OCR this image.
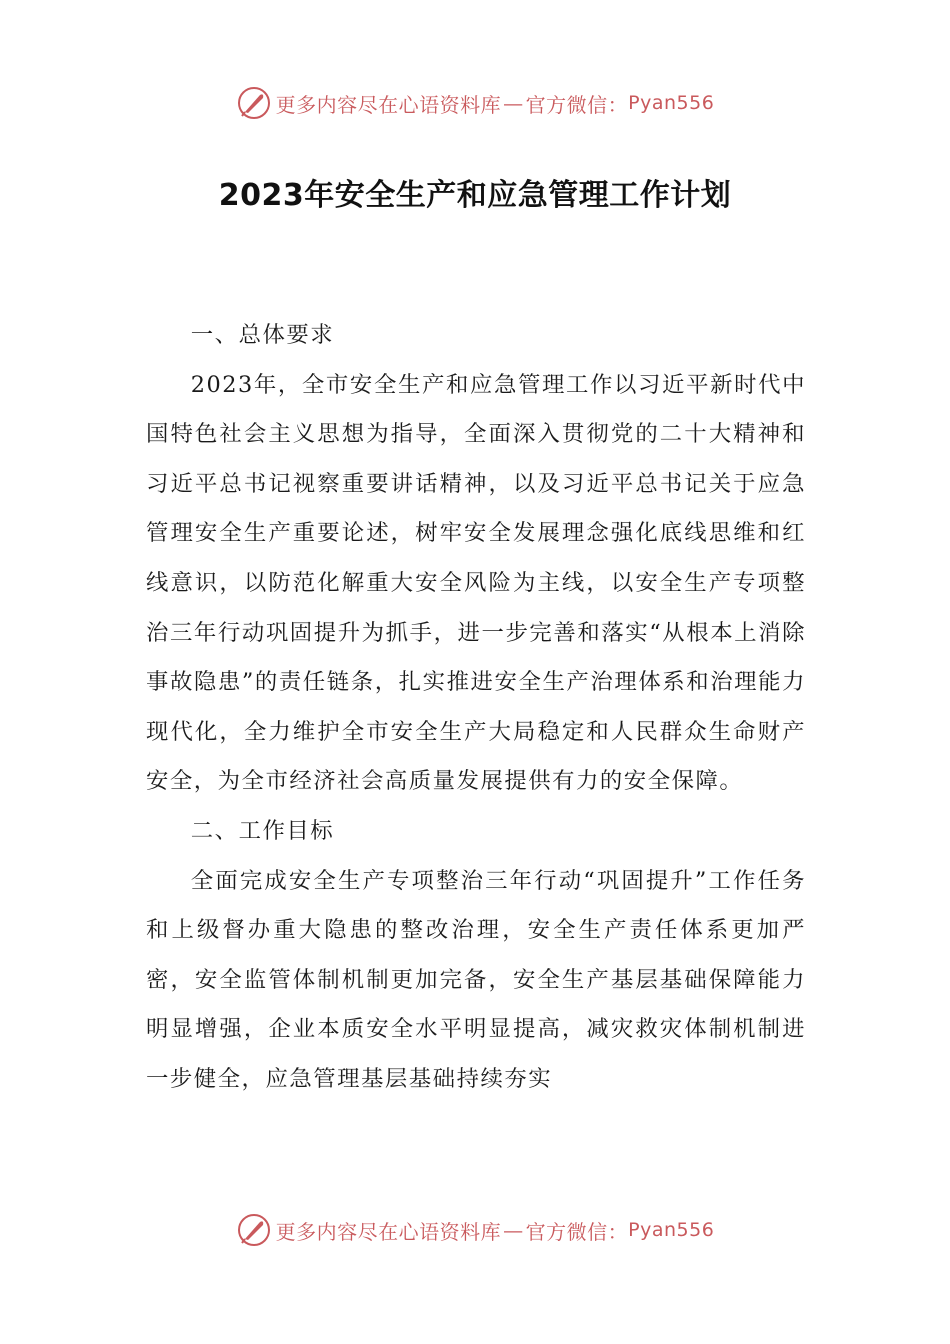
更多内容尽在心语资料库 — 官方微信： Pyan556
2023年安全生产和应急管理工作计划

一、总体要求

2023年，全市安全生产和应急管理工作以习近平新时代中国特色社会主义思想为指导，全面深入贯彻党的二十大精神和习近平总书记视察重要讲话精神，以及习近平总书记关于应急管理安全生产重要论述，树牢安全发展理念强化底线思维和红线意识，以防范化解重大安全风险为主线，以安全生产专项整治三年行动巩固提升为抓手，进一步完善和落实“从根本上消除事故隐患”的责任链条，扎实推进安全生产治理体系和治理能力现代化，全力维护全市安全生产大局稳定和人民群众生命财产安全，为全市经济社会高质量发展提供有力的安全保障。

二、工作目标

全面完成安全生产专项整治三年行动“巩固提升”工作任务和上级督办重大隐患的整改治理，安全生产责任体系更加严密，安全监管体制机制更加完备，安全生产基层基础保障能力明显增强，企业本质安全水平明显提高，减灾救灾体制机制进一步健全，应急管理基层基础持续夯实

更多内容尽在心语资料库 — 官方微信： Pyan556
